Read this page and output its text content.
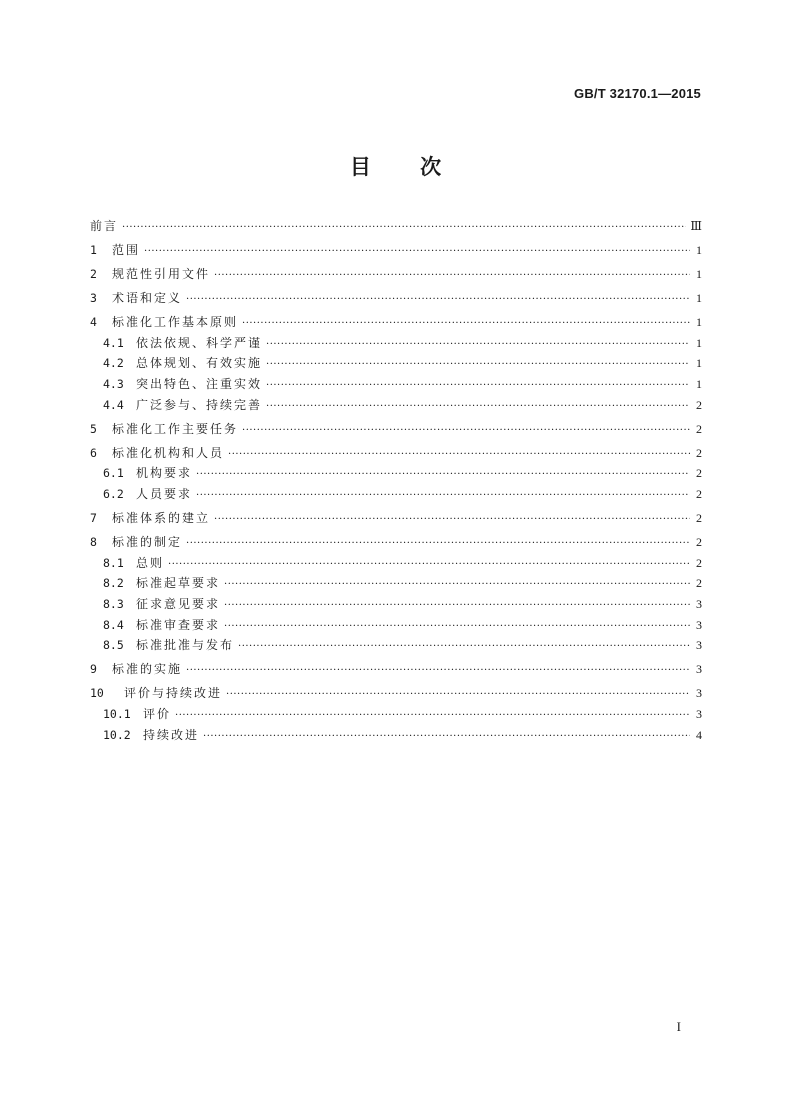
GB/T 32170.1—2015
目 次
前言 ·····	Ⅲ
1	范围 ·····	1
2	规范性引用文件 ·····	1
3	术语和定义 ·····	1
4	标准化工作基本原则 ·····	1
4.1	依法依规、科学严谨 ·····	1
4.2	总体规划、有效实施 ·····	1
4.3	突出特色、注重实效 ·····	1
4.4	广泛参与、持续完善 ·····	2
5	标准化工作主要任务 ·····	2
6	标准化机构和人员 ·····	2
6.1	机构要求 ·····	2
6.2	人员要求 ·····	2
7	标准体系的建立 ·····	2
8	标准的制定 ·····	2
8.1	总则 ·····	2
8.2	标准起草要求 ·····	2
8.3	征求意见要求 ·····	3
8.4	标准审查要求 ·····	3
8.5	标准批准与发布 ·····	3
9	标准的实施 ·····	3
10	评价与持续改进 ·····	3
10.1	评价 ·····	3
10.2	持续改进 ·····	4
I
